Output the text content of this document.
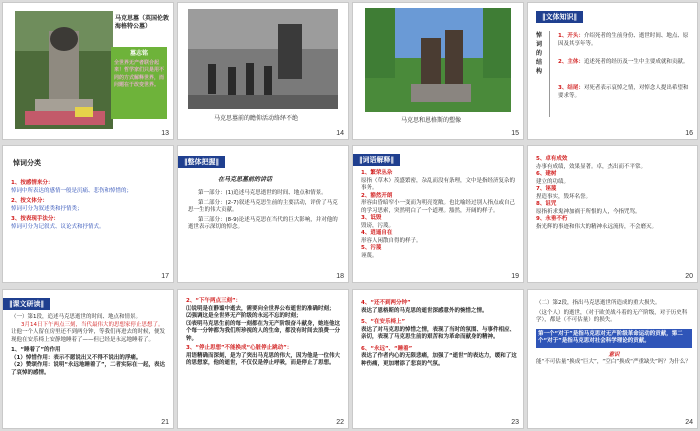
马克思墓（英国伦敦海格特公墓）
墓志铭
全世界无产者联合起来！哲学家们只是用不同的方式解释世界，而问题在于改变世界。
13
马克思墓前的瞻仰活动络绎不绝
14
马克思和恩格斯的塑像
15
‖文体知识‖
悼词的结构
1、开头：介绍死者的生前身份、逝世时间、地点、原因及其享年等。
2、主体：追述死者的经历及一生中主要成就和贡献。
3、结尾：对死者表示哀悼之情，对悼念人提出希望和要求等。
16
悼词分类
1、按感情来分：
悼词中所表达的感情一般是沉痛、悲伤和悼惜的；
2、按文体分：
悼词可分为叙述类和抒情类；
3、按表现手法分：
悼词可分为记叙式、议论式和抒情式。
17
‖整体把握‖
在马克思墓前的讲话
第一部分：(1)追述马克思逝世的时间、地点和情景。
第二部分：(2-7)叙述马克思生前的主要活动，评价了马克思一生的伟大贡献。
第三部分：(8-9)论述马克思在当代的巨大影响，并对他的逝世表示深切的悼念。
18
‖词语解释‖
1、繁荣丛杂
原指（草木）茂盛繁密，杂乱而没有条理，文中是指经济复杂的事务。
2、豁然开朗
形容由昏暗窄小一变而为明亮宽敞。也比喻经过别人指点或自己的学习思索，突然明白了一个道理。豁然，开阔的样子。
3、诋毁
毁谤，污蔑。
4、逍遥自在
形容人闲散自得的样子。
5、污蔑
诬蔑。
19
5、卓有成效
办事有成绩，效果显著。卓，杰出而不平常。
6、建树
建立的功绩。
7、诬蔑
捏造事实，毁坏名誉。
8、诅咒
原指祈求鬼神加祸于所恨的人，今指咒骂。
9、永垂不朽
指光辉的事迹和伟大的精神永远流传，不会磨灭。
20
‖课文研读‖
（一）第1段，追述马克思逝世的时间、地点和情景。
3月14日下午两点三刻，当代最伟大的思想家停止思想了。
让他一个人留在房里还不到两分钟，等我们再进去的时候，便发现他在安乐椅上安静地睡着了——但已经是永远地睡着了。
1、“睡着了”的作用
（1）悼惜作用：表示不愿说出又不得不说出的浮痛。
（2）赞颂作用：说明“永远地睡着了”，二者实际在一起，表达了哀悼的感情。
21
2、“下午两点三刻”：
⑴说明是在静谧中逝去，需要向全世界公布逝世的准确时刻；
⑵强调这是全世界无产阶级的永远不忘的时刻；
⑶表明马克思生前的每一刻都在为无产阶级奋斗献身，她连他这个每一分钟都为我们所珍视的人的生命，都没有时间去浪费一分钟。
3、“停止思想”不能换成“心脏停止跳动”：
用语精确而深刻，是为了突出马克思的伟大，因为他是一位伟大的思想家，他的逝世，不仅仅是停止呼吸，而是停止了思想。
22
4、“还不到两分钟”
表达了恩格斯的马克思的逝世深感意外的惋惜之情。
5、“在安乐椅上”
表达了对马克思的悼惜之情，表现了当时的氛围、与事件相应、亲切，表现了马克思生前的艰苦和为革命而献身的精神。
6、“永远”、“睡着”
表达了作者内心的无限悲痛，加强了“逝世”的表达力，缓和了这种伤痛，更加增添了悲哀的气氛。
23
（二）第2段，指出马克思逝世所造成的重大损失。
（这个人）的逝世，（对于欧美战斗着的无产阶级，对于历史科学），都是（不可估量）的损失。
第一个“对于”是指马克思对无产阶级革命运动的贡献，第二个“对于”是指马克思对社会科学理论的贡献。
意识
能“不可估量”换成“巨大”，“空白”换成“严重缺失”吗？为什么？
24
